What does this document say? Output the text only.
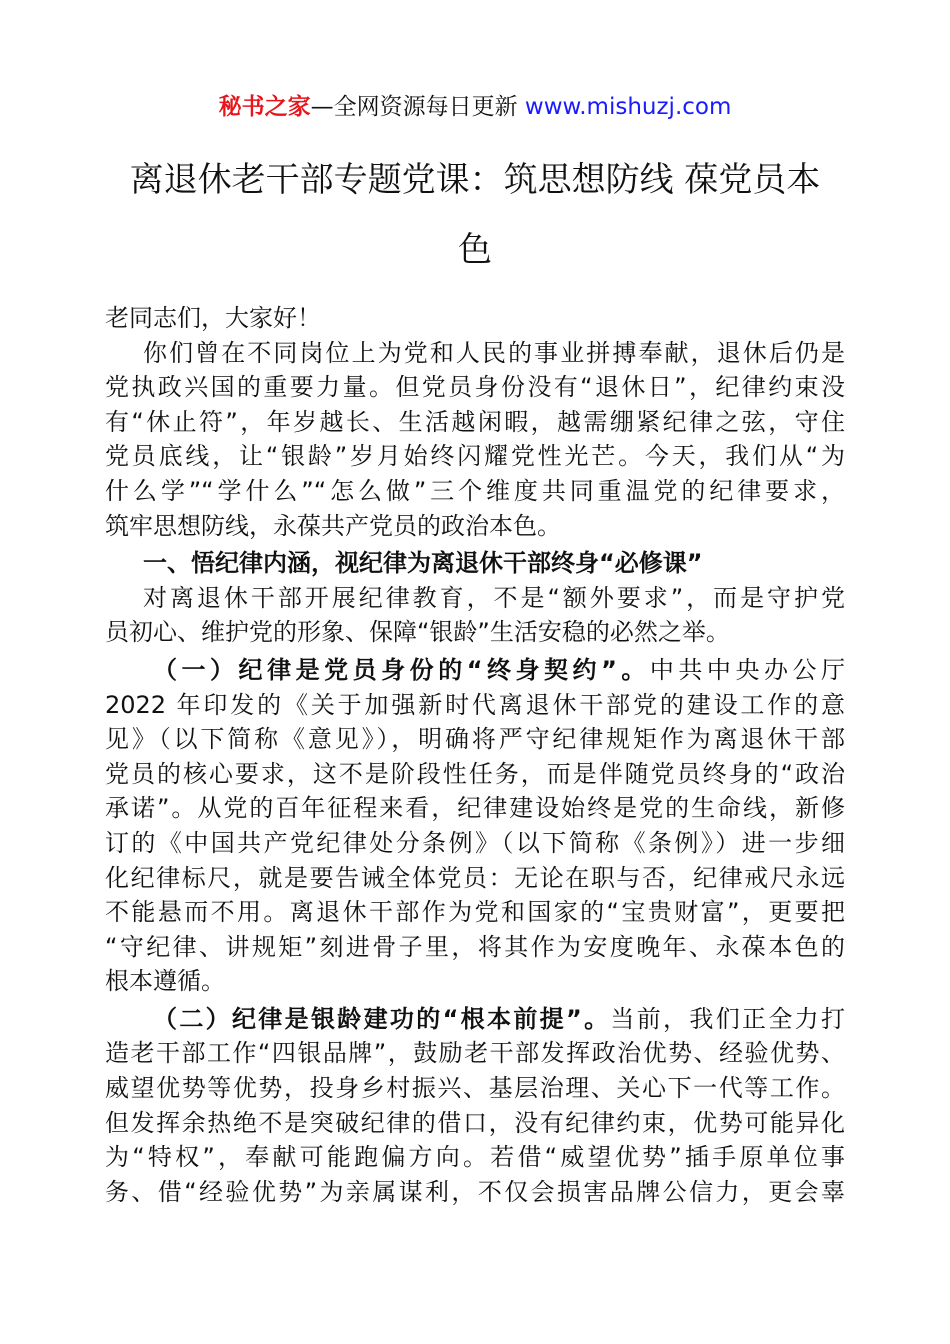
秘书之家—全网资源每日更新 www.mishuzj.com
离退休老干部专题党课：筑思想防线 葆党员本
色
老同志们，大家好！
你们曾在不同岗位上为党和人民的事业拼搏奉献，退休后仍是
党执政兴国的重要力量。但党员身份没有“退休日”，纪律约束没
有“休止符”，年岁越长、生活越闲暇，越需绷紧纪律之弦，守住
党员底线，让“银龄”岁月始终闪耀党性光芒。今天，我们从“为
什么学”“学什么”“怎么做”三个维度共同重温党的纪律要求，
筑牢思想防线，永葆共产党员的政治本色。
一、悟纪律内涵，视纪律为离退休干部终身“必修课”
对离退休干部开展纪律教育，不是“额外要求”，而是守护党
员初心、维护党的形象、保障“银龄”生活安稳的必然之举。
（一）纪律是党员身份的“终身契约”。中共中央办公厅
2022 年印发的《关于加强新时代离退休干部党的建设工作的意
见》（以下简称《意见》），明确将严守纪律规矩作为离退休干部
党员的核心要求，这不是阶段性任务，而是伴随党员终身的“政治
承诺”。从党的百年征程来看，纪律建设始终是党的生命线，新修
订的《中国共产党纪律处分条例》（以下简称《条例》）进一步细
化纪律标尺，就是要告诫全体党员：无论在职与否，纪律戒尺永远
不能悬而不用。离退休干部作为党和国家的“宝贵财富”，更要把
“守纪律、讲规矩”刻进骨子里，将其作为安度晚年、永葆本色的
根本遵循。
（二）纪律是银龄建功的“根本前提”。当前，我们正全力打
造老干部工作“四银品牌”，鼓励老干部发挥政治优势、经验优势、
威望优势等优势，投身乡村振兴、基层治理、关心下一代等工作。
但发挥余热绝不是突破纪律的借口，没有纪律约束，优势可能异化
为“特权”，奉献可能跑偏方向。若借“威望优势”插手原单位事
务、借“经验优势”为亲属谋利，不仅会损害品牌公信力，更会辜
